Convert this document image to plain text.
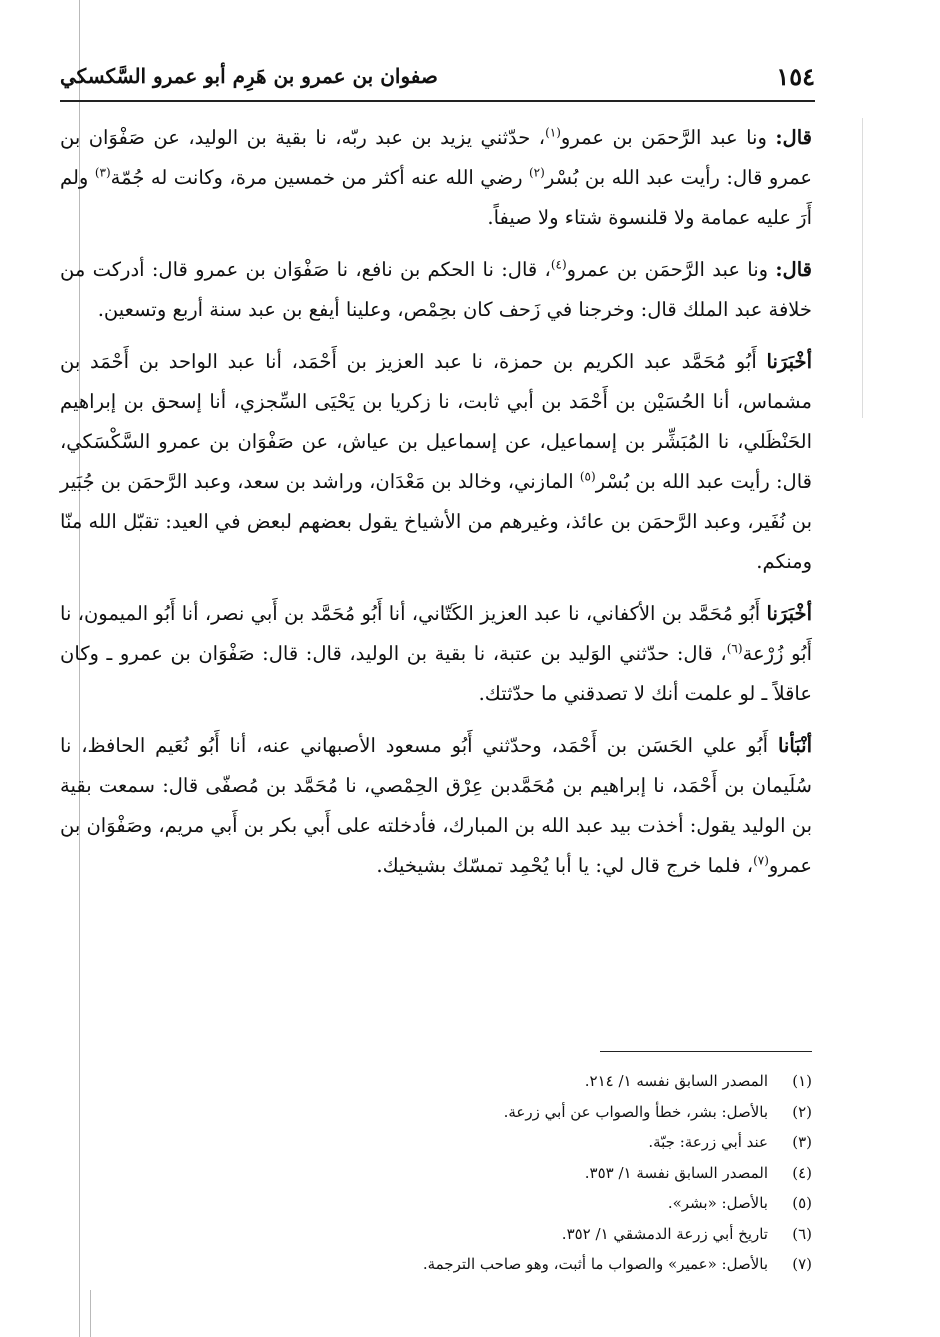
١٥٤
صفوان بن عمرو بن هَرِم أبو عمرو السَّكسكي

قال: ونا عبد الرَّحمَن بن عمرو$^{(١)}$، حدّثني يزيد بن عبد ربّه، نا بقية بن الوليد، عن صَفْوَان بن عمرو قال: رأيت عبد الله بن بُسْر$^{(٢)}$ رضي الله عنه أكثر من خمسين مرة، وكانت له جُمّة$^{(٣)}$ ولم أَرَ عليه عمامة ولا قلنسوة شتاء ولا صيفاً.

قال: ونا عبد الرَّحمَن بن عمرو$^{(٤)}$، قال: نا الحكم بن نافع، نا صَفْوَان بن عمرو قال: أدركت من خلافة عبد الملك قال: وخرجنا في زَحف كان بحِمْص، وعلينا أيفع بن عبد سنة أربع وتسعين.

أخْبَرَنا أَبُو مُحَمَّد عبد الكريم بن حمزة، نا عبد العزيز بن أَحْمَد، أنا عبد الواحد بن أَحْمَد بن مشماس، أنا الحُسَيْن بن أَحْمَد بن أبي ثابت، نا زكريا بن يَحْيَى السِّجزي، أنا إسحق بن إبراهيم الحَنْظَلي، نا المُبَشِّر بن إسماعيل، عن إسماعيل بن عياش، عن صَفْوَان بن عمرو السَّكْسَكي، قال: رأيت عبد الله بن بُسْر$^{(٥)}$ المازني، وخالد بن مَعْدَان، وراشد بن سعد، وعبد الرَّحمَن بن جُبَير بن نُفَير، وعبد الرَّحمَن بن عائذ، وغيرهم من الأشياخ يقول بعضهم لبعض في العيد: تقبّل الله منّا ومنكم.

أخْبَرَنا أَبُو مُحَمَّد بن الأكفاني، نا عبد العزيز الكَتّاني، أنا أَبُو مُحَمَّد بن أَبي نصر، أنا أَبُو الميمون، نا أَبُو زُرْعة$^{(٦)}$، قال: حدّثني الوَليد بن عتبة، نا بقية بن الوليد، قال: قال: صَفْوَان بن عمرو ـ وكان عاقلاً ـ لو علمت أنك لا تصدقني ما حدّثتك.

أنْبَأنا أَبُو علي الحَسَن بن أَحْمَد، وحدّثني أَبُو مسعود الأصبهاني عنه، أنا أَبُو نُعَيم الحافظ، نا سُلَيمان بن أَحْمَد، نا إبراهيم بن مُحَمَّدبن عِرْق الحِمْصي، نا مُحَمَّد بن مُصفّى قال: سمعت بقية بن الوليد يقول: أخذت بيد عبد الله بن المبارك، فأدخلته على أَبي بكر بن أَبي مريم، وصَفْوَان بن عمرو$^{(٧)}$، فلما خرج قال لي: يا أبا يُحْمِد تمسّك بشيخيك.

(١)
المصدر السابق نفسه ١/ ٢١٤.
(٢)
بالأصل: بشر، خطأ والصواب عن أبي زرعة.
(٣)
عند أبي زرعة: جبّة.
(٤)
المصدر السابق نفسة ١/ ٣٥٣.
(٥)
بالأصل: «بشر».
(٦)
تاريخ أبي زرعة الدمشقي ١/ ٣٥٢.
(٧)
بالأصل: «عمير» والصواب ما أثبت، وهو صاحب الترجمة.
